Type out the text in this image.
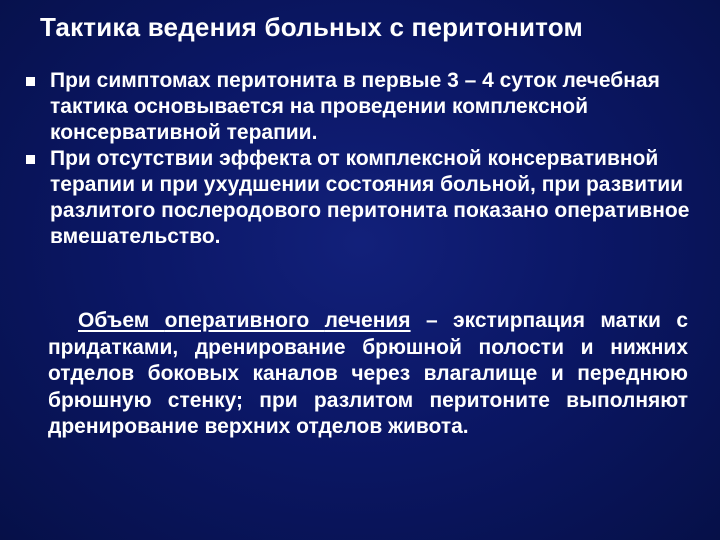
Тактика ведения больных с перитонитом
При симптомах перитонита в первые 3 – 4 суток лечебная тактика основывается на проведении комплексной консервативной терапии.
При отсутствии эффекта от комплексной консервативной терапии и при ухудшении состояния больной, при развитии разлитого послеродового перитонита показано оперативное вмешательство.
Объем оперативного лечения – экстирпация матки с придатками, дренирование брюшной полости и нижних отделов боковых каналов через влагалище и переднюю брюшную стенку; при разлитом перитоните выполняют дренирование верхних отделов живота.
